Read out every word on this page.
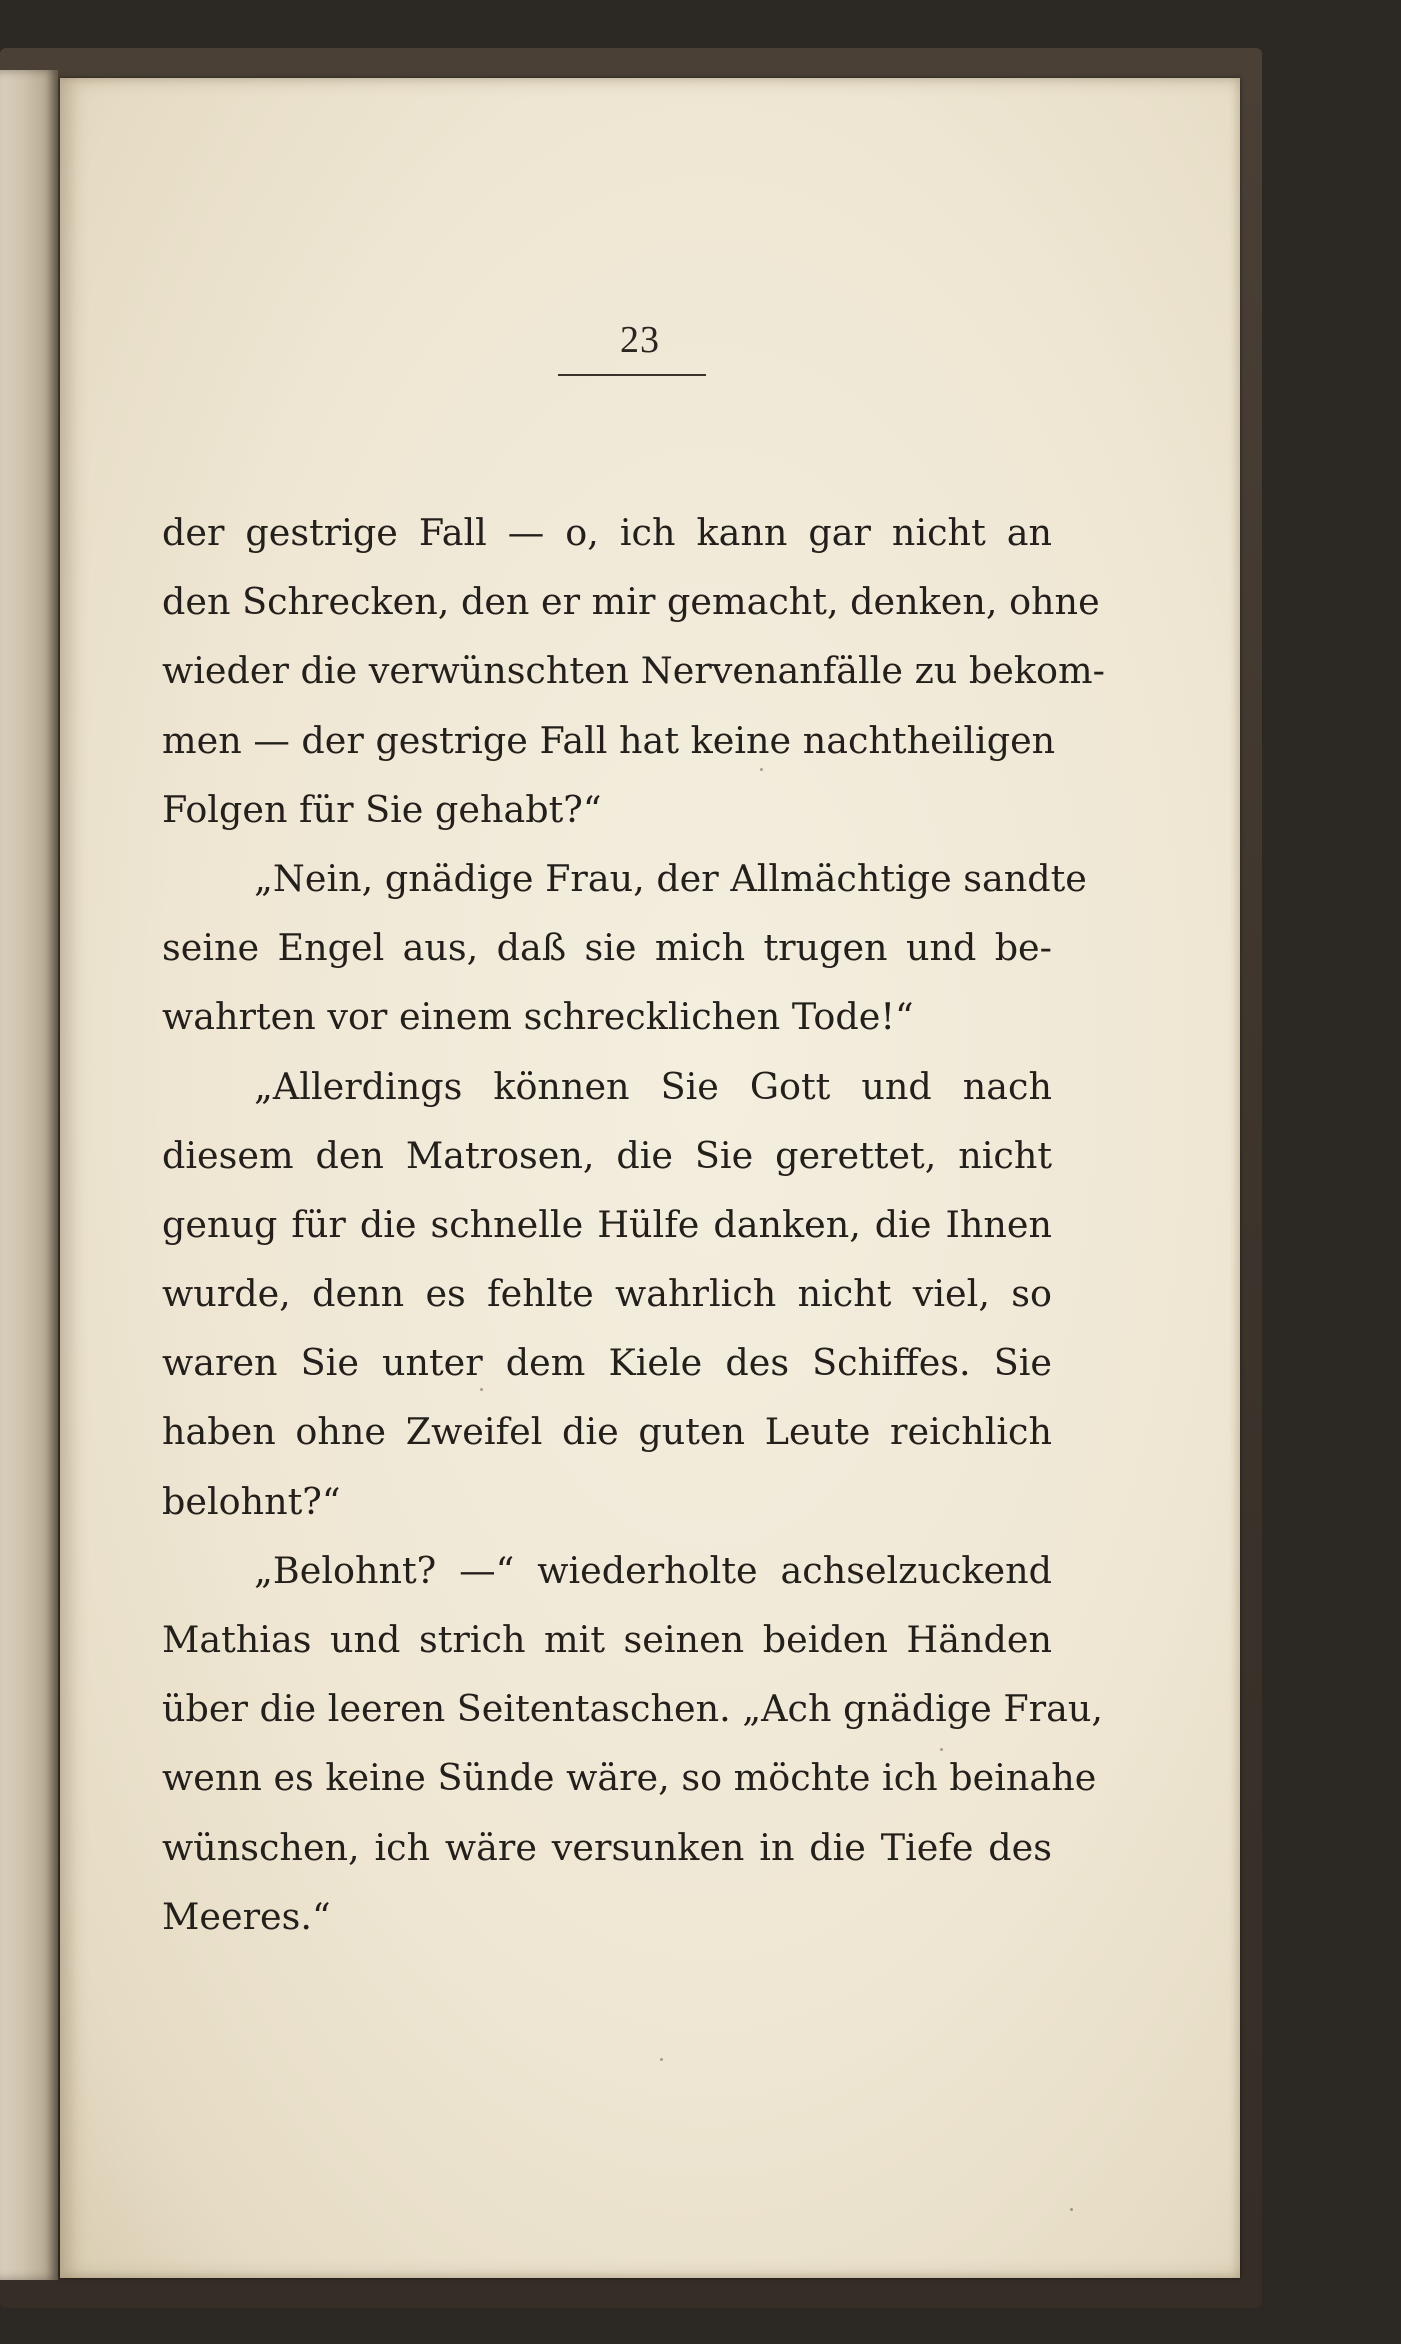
23
der gestrige Fall — o, ich kann gar nicht an
den Schrecken, den er mir gemacht, denken, ohne
wieder die verwünschten Nervenanfälle zu bekom-
men — der gestrige Fall hat keine nachtheiligen
Folgen für Sie gehabt?“
„Nein, gnädige Frau, der Allmächtige sandte
seine Engel aus, daß sie mich trugen und be-
wahrten vor einem schrecklichen Tode!“
„Allerdings können Sie Gott und nach
diesem den Matrosen, die Sie gerettet, nicht
genug für die schnelle Hülfe danken, die Ihnen
wurde, denn es fehlte wahrlich nicht viel, so
waren Sie unter dem Kiele des Schiffes. Sie
haben ohne Zweifel die guten Leute reichlich
belohnt?“
„Belohnt? —“ wiederholte achselzuckend
Mathias und strich mit seinen beiden Händen
über die leeren Seitentaschen. „Ach gnädige Frau,
wenn es keine Sünde wäre, so möchte ich beinahe
wünschen, ich wäre versunken in die Tiefe des
Meeres.“
